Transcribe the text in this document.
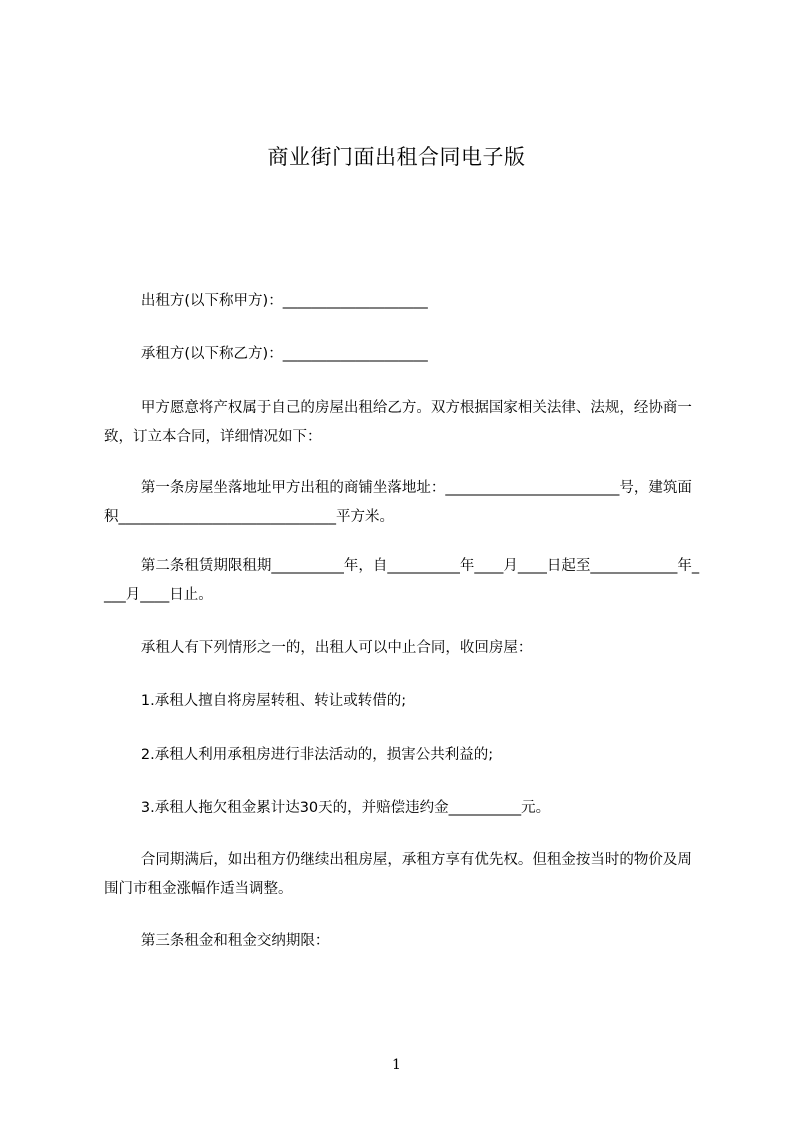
商业街门面出租合同电子版

出租方(以下称甲方)：____________________

承租方(以下称乙方)：____________________

甲方愿意将产权属于自己的房屋出租给乙方。双方根据国家相关法律、法规，经协商一致，订立本合同，详细情况如下：

第一条房屋坐落地址甲方出租的商铺坐落地址：________________________号，建筑面积______________________________平方米。

第二条租赁期限租期__________年，自__________年____月____日起至____________年____月____日止。

承租人有下列情形之一的，出租人可以中止合同，收回房屋：

1.承租人擅自将房屋转租、转让或转借的;

2.承租人利用承租房进行非法活动的，损害公共利益的;

3.承租人拖欠租金累计达30天的，并赔偿违约金__________元。

合同期满后，如出租方仍继续出租房屋，承租方享有优先权。但租金按当时的物价及周围门市租金涨幅作适当调整。

第三条租金和租金交纳期限：

1
